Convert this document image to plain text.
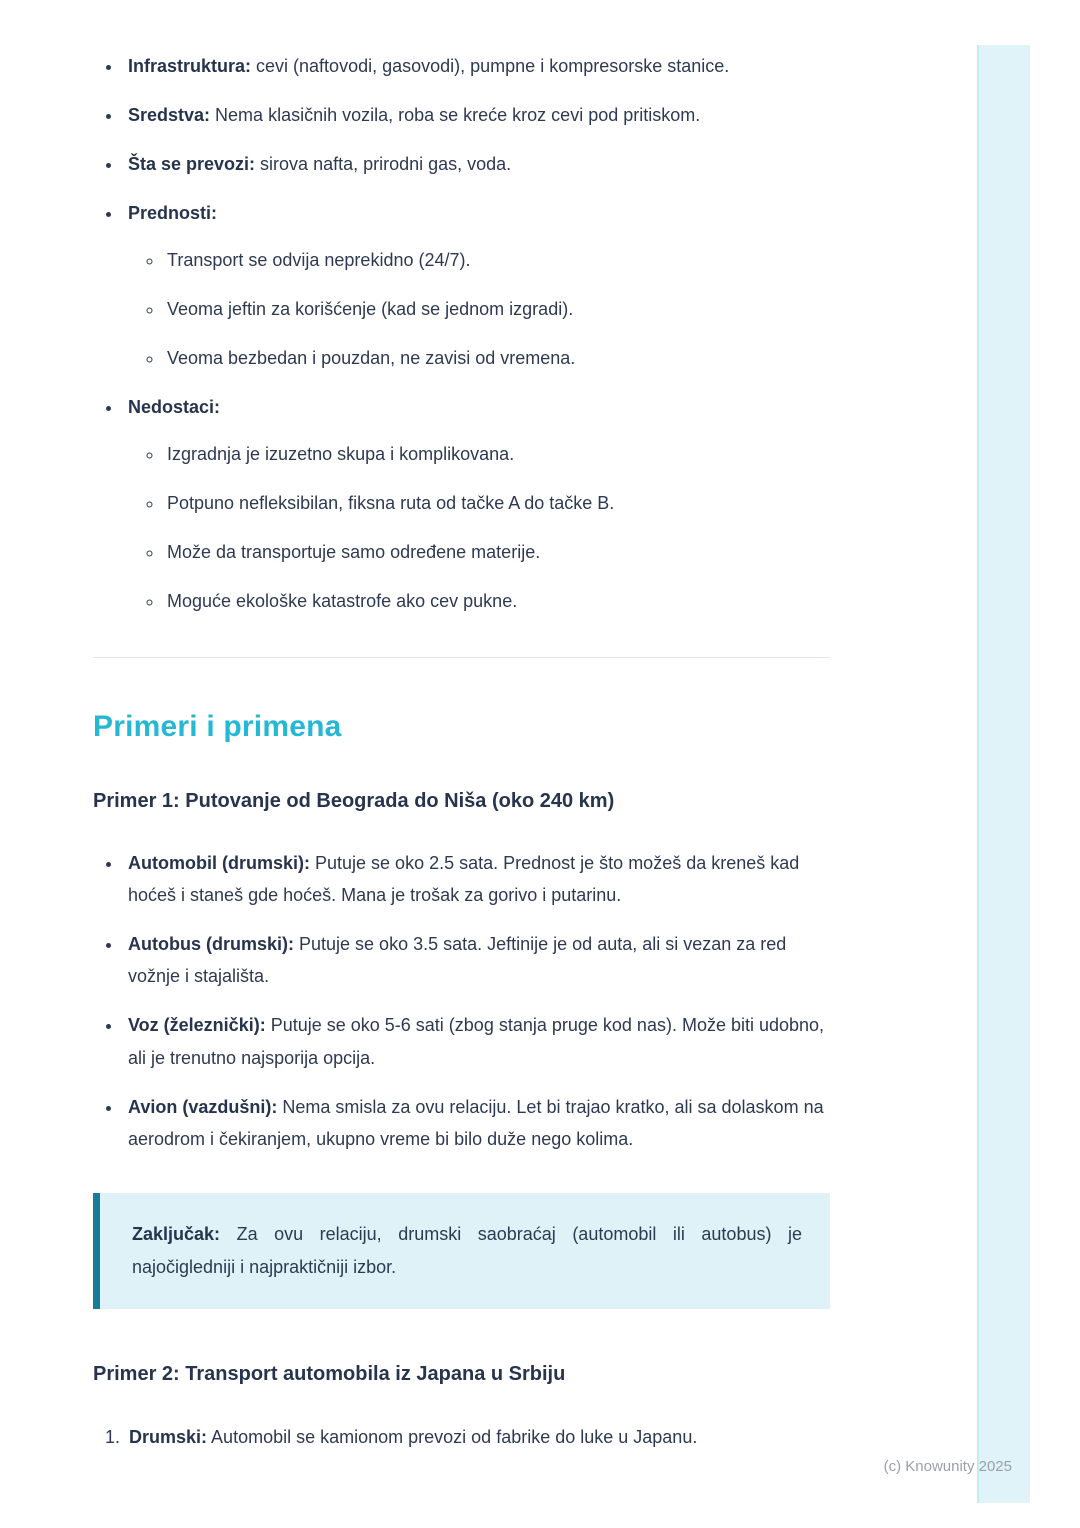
• Infrastruktura: cevi (naftovodi, gasovodi), pumpne i kompresorske stanice.
• Sredstva: Nema klasičnih vozila, roba se kreće kroz cevi pod pritiskom.
• Šta se prevozi: sirova nafta, prirodni gas, voda.
• Prednosti:
◦ Transport se odvija neprekidno (24/7).
◦ Veoma jeftin za korišćenje (kad se jednom izgradi).
◦ Veoma bezbedan i pouzdan, ne zavisi od vremena.
• Nedostaci:
◦ Izgradnja je izuzetno skupa i komplikovana.
◦ Potpuno nefleksibilan, fiksna ruta od tačke A do tačke B.
◦ Može da transportuje samo određene materije.
◦ Moguće ekološke katastrofe ako cev pukne.
Primeri i primena
Primer 1: Putovanje od Beograda do Niša (oko 240 km)
• Automobil (drumski): Putuje se oko 2.5 sata. Prednost je što možeš da kreneš kad hoćeš i staneš gde hoćeš. Mana je trošak za gorivo i putarinu.
• Autobus (drumski): Putuje se oko 3.5 sata. Jeftinije je od auta, ali si vezan za red vožnje i stajališta.
• Voz (železnički): Putuje se oko 5-6 sati (zbog stanja pruge kod nas). Može biti udobno, ali je trenutno najsporija opcija.
• Avion (vazdušni): Nema smisla za ovu relaciju. Let bi trajao kratko, ali sa dolaskom na aerodrom i čekiranjem, ukupno vreme bi bilo duže nego kolima.

Zaključak: Za ovu relaciju, drumski saobraćaj (automobil ili autobus) je najočigledniji i najpraktičniji izbor.

Primer 2: Transport automobila iz Japana u Srbiju
1. Drumski: Automobil se kamionom prevozi od fabrike do luke u Japanu.
(c) Knowunity 2025
